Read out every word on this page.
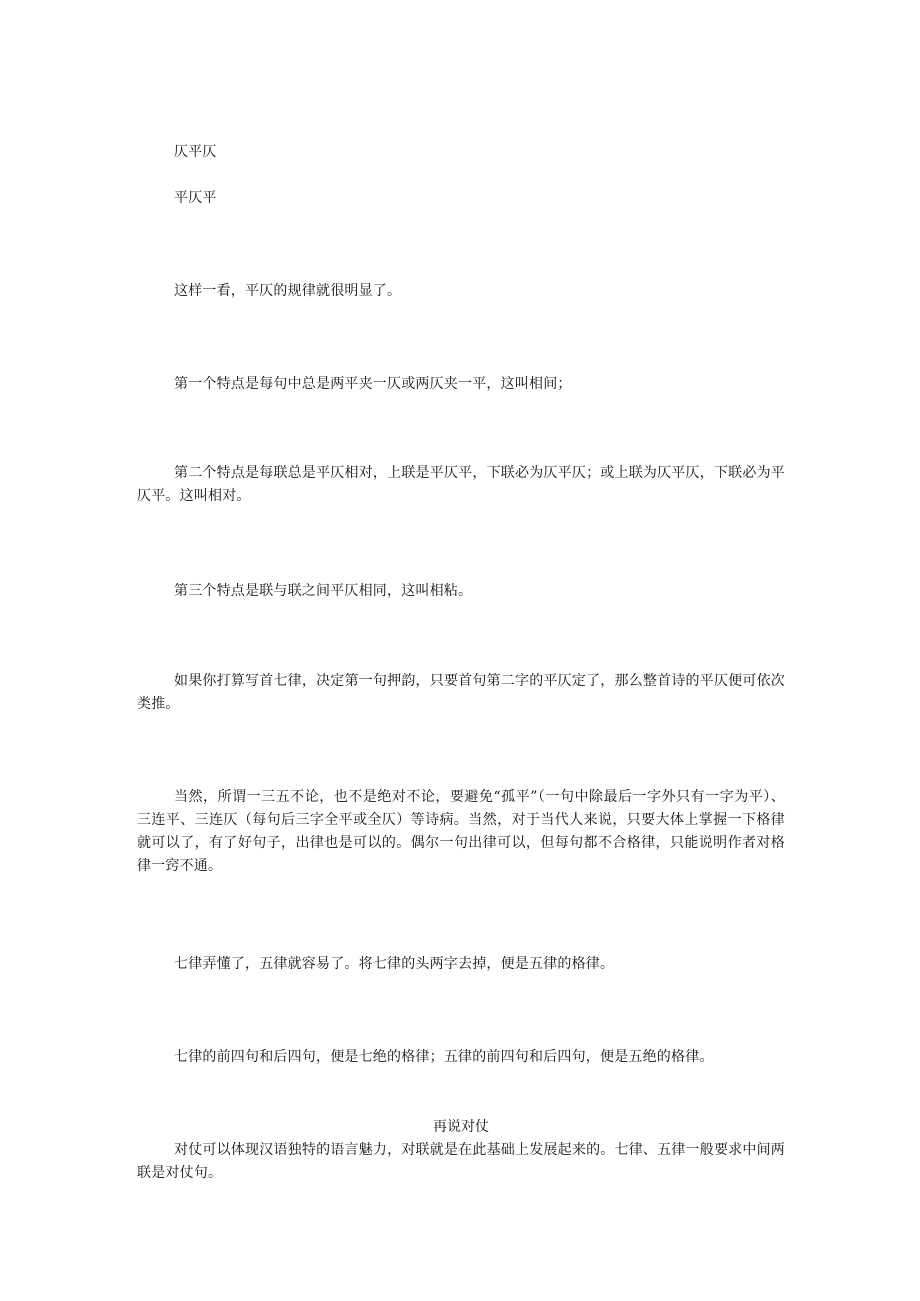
仄平仄

平仄平

这样一看，平仄的规律就很明显了。

第一个特点是每句中总是两平夹一仄或两仄夹一平，这叫相间；

第二个特点是每联总是平仄相对，上联是平仄平，下联必为仄平仄；或上联为仄平仄，下联必为平仄平。这叫相对。

第三个特点是联与联之间平仄相同，这叫相粘。

如果你打算写首七律，决定第一句押韵，只要首句第二字的平仄定了，那么整首诗的平仄便可依次类推。

当然，所谓一三五不论，也不是绝对不论，要避免“孤平”（一句中除最后一字外只有一字为平）、三连平、三连仄（每句后三字全平或全仄）等诗病。当然，对于当代人来说，只要大体上掌握一下格律就可以了，有了好句子，出律也是可以的。偶尔一句出律可以，但每句都不合格律，只能说明作者对格律一窍不通。

七律弄懂了，五律就容易了。将七律的头两字去掉，便是五律的格律。

七律的前四句和后四句，便是七绝的格律；五律的前四句和后四句，便是五绝的格律。

再说对仗

对仗可以体现汉语独特的语言魅力，对联就是在此基础上发展起来的。七律、五律一般要求中间两联是对仗句。
